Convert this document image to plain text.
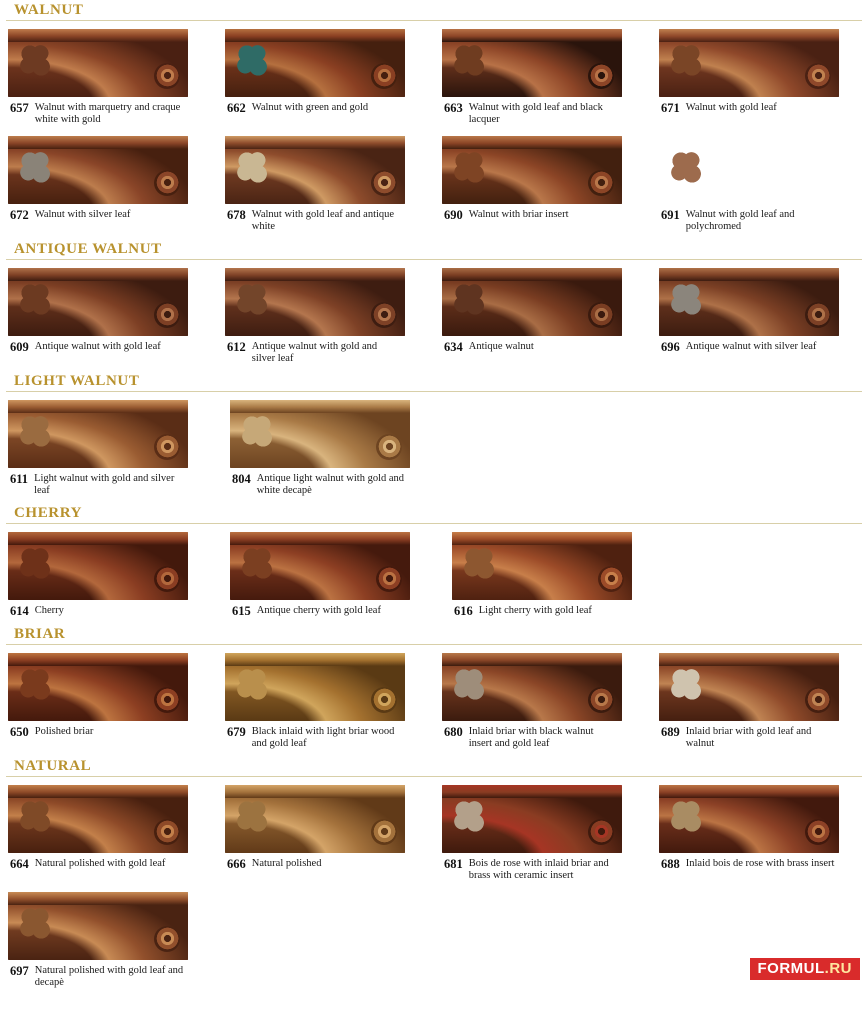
WALNUT
657 Walnut with marquetry and craque white with gold
662 Walnut with green and gold	663 Walnut with gold leaf and black lacquer
671 Walnut with gold leaf
672 Walnut with silver leaf	678 Walnut with gold leaf and antique white
690 Walnut with briar insert	691 Walnut with gold leaf and polychromed
ANTIQUE WALNUT
609 Antique walnut with gold leaf	612 Antique walnut with gold and silver leaf
634 Antique walnut	696 Antique walnut with silver leaf
LIGHT WALNUT
611 Light walnut with gold and silver leaf
804 Antique light walnut with gold and white decapè
CHERRY
614 Cherry	615 Antique cherry with gold leaf	616 Light cherry with gold leaf
BRIAR
650 Polished briar	679 Black inlaid with light briar wood and gold leaf
680 Inlaid briar with black walnut insert and gold leaf
689 Inlaid briar with gold leaf and walnut
NATURAL
664 Natural polished with gold leaf	666 Natural polished	681 Bois de rose with inlaid briar and brass with ceramic insert
688 Inlaid bois de rose with brass insert
697 Natural polished with gold leaf and decapè
FORMUL.RU
